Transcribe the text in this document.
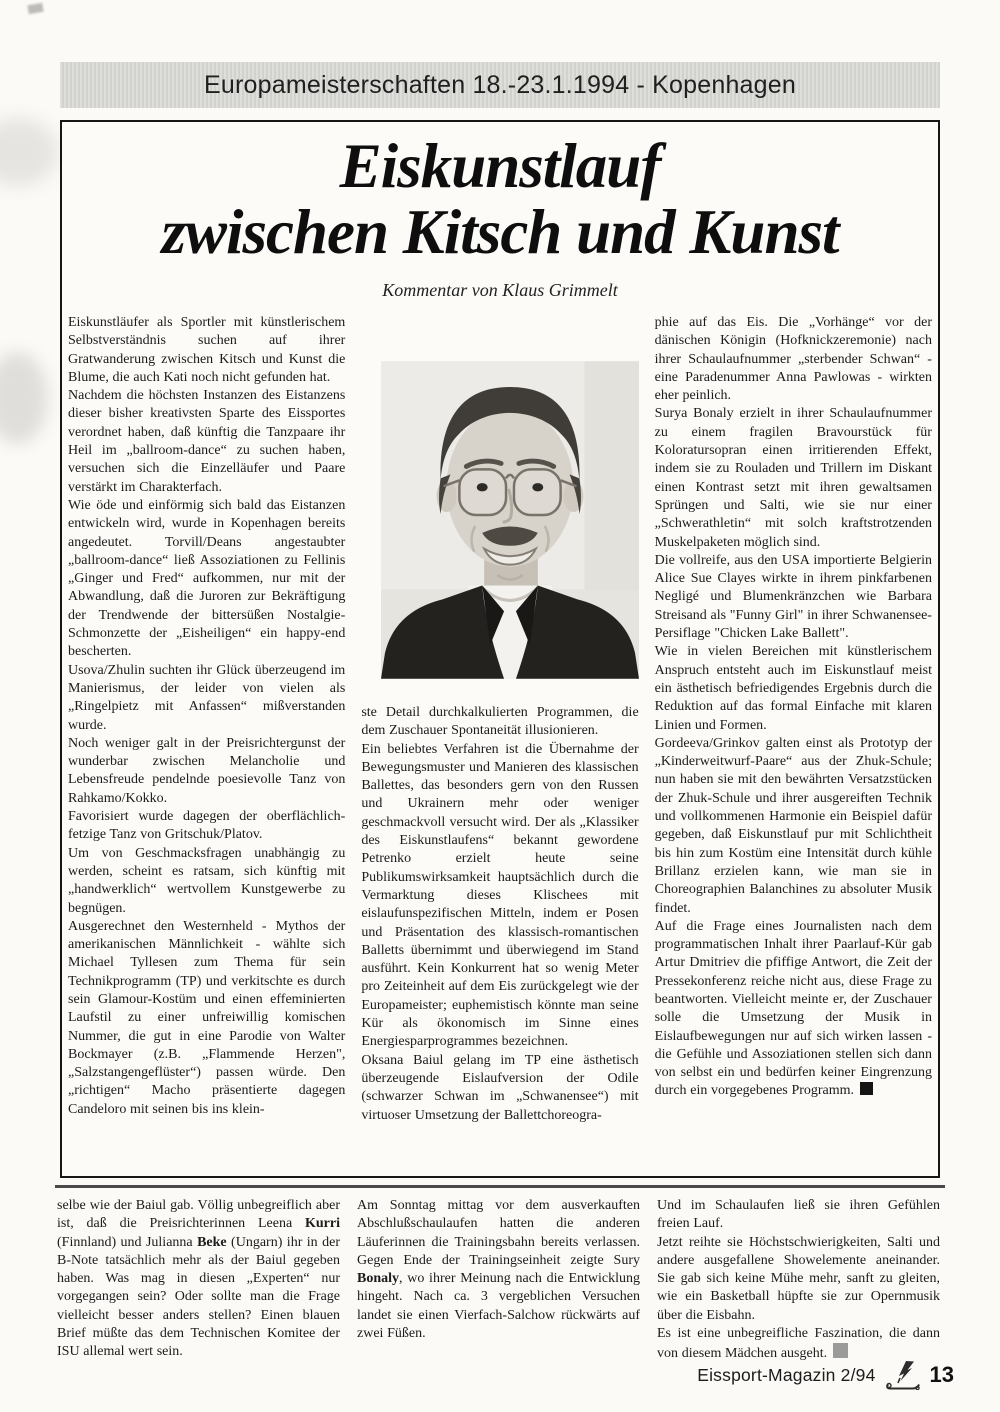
Europameisterschaften 18.-23.1.1994 - Kopenhagen
Eiskunstlauf
zwischen Kitsch und Kunst
Kommentar von Klaus Grimmelt

Eiskunstläufer als Sportler mit künstlerischem Selbstverständnis suchen auf ihrer Gratwanderung zwischen Kitsch und Kunst die Blume, die auch Kati noch nicht gefunden hat.

Nachdem die höchsten Instanzen des Eistanzens dieser bisher kreativsten Sparte des Eissportes verordnet haben, daß künftig die Tanzpaare ihr Heil im „ballroom-dance“ zu suchen haben, versuchen sich die Einzelläufer und Paare verstärkt im Charakterfach.

Wie öde und einförmig sich bald das Eistanzen entwickeln wird, wurde in Kopenhagen bereits angedeutet. Torvill/Deans angestaubter „ballroom-dance“ ließ Assoziationen zu Fellinis „Ginger und Fred“ aufkommen, nur mit der Abwandlung, daß die Juroren zur Bekräftigung der Trendwende der bittersüßen Nostalgie-Schmonzette der „Eisheiligen“ ein happy-end bescherten.

Usova/Zhulin suchten ihr Glück überzeugend im Manierismus, der leider von vielen als „Ringelpietz mit Anfassen“ mißverstanden wurde.

Noch weniger galt in der Preisrichtergunst der wunderbar zwischen Melancholie und Lebensfreude pendelnde poesievolle Tanz von Rahkamo/Kokko.

Favorisiert wurde dagegen der oberflächlich-fetzige Tanz von Gritschuk/Platov.

Um von Geschmacksfragen unabhängig zu werden, scheint es ratsam, sich künftig mit „handwerklich“ wertvollem Kunstgewerbe zu begnügen.

Ausgerechnet den Westernheld - Mythos der amerikanischen Männlichkeit - wählte sich Michael Tyllesen zum Thema für sein Technikprogramm (TP) und verkitschte es durch sein Glamour-Kostüm und einen effeminierten Laufstil zu einer unfreiwillig komischen Nummer, die gut in eine Parodie von Walter Bockmayer (z.B. „Flammende Herzen", „Salzstangengeflüster“) passen würde. Den „richtigen“ Macho präsentierte dagegen Candeloro mit seinen bis ins klein-

ste Detail durchkalkulierten Programmen, die dem Zuschauer Spontaneität illusionieren.

Ein beliebtes Verfahren ist die Übernahme der Bewegungsmuster und Manieren des klassischen Ballettes, das besonders gern von den Russen und Ukrainern mehr oder weniger geschmackvoll versucht wird. Der als „Klassiker des Eiskunstlaufens“ bekannt gewordene Petrenko erzielt heute seine Publikumswirksamkeit hauptsächlich durch die Vermarktung dieses Klischees mit eislaufunspezifischen Mitteln, indem er Posen und Präsentation des klassisch-romantischen Balletts übernimmt und überwiegend im Stand ausführt. Kein Konkurrent hat so wenig Meter pro Zeiteinheit auf dem Eis zurückgelegt wie der Europameister; euphemistisch könnte man seine Kür als ökonomisch im Sinne eines Energiesparprogrammes bezeichnen.

Oksana Baiul gelang im TP eine ästhetisch überzeugende Eislaufversion der Odile (schwarzer Schwan im „Schwanensee“) mit virtuoser Umsetzung der Ballettchoreogra-

phie auf das Eis. Die „Vorhänge“ vor der dänischen Königin (Hofknickzeremonie) nach ihrer Schaulaufnummer „sterbender Schwan“ - eine Paradenummer Anna Pawlowas - wirkten eher peinlich.

Surya Bonaly erzielt in ihrer Schaulaufnummer zu einem fragilen Bravourstück für Koloratursopran einen irritierenden Effekt, indem sie zu Rouladen und Trillern im Diskant einen Kontrast setzt mit ihren gewaltsamen Sprüngen und Salti, wie sie nur einer „Schwerathletin“ mit solch kraftstrotzenden Muskelpaketen möglich sind.

Die vollreife, aus den USA importierte Belgierin Alice Sue Clayes wirkte in ihrem pinkfarbenen Negligé und Blumenkränzchen wie Barbara Streisand als "Funny Girl" in ihrer Schwanensee-Persiflage "Chicken Lake Ballett".

Wie in vielen Bereichen mit künstlerischem Anspruch entsteht auch im Eiskunstlauf meist ein ästhetisch befriedigendes Ergebnis durch die Reduktion auf das formal Einfache mit klaren Linien und Formen.

Gordeeva/Grinkov galten einst als Prototyp der „Kinderweitwurf-Paare“ aus der Zhuk-Schule; nun haben sie mit den bewährten Versatzstücken der Zhuk-Schule und ihrer ausgereiften Technik und vollkommenen Harmonie ein Beispiel dafür gegeben, daß Eiskunstlauf pur mit Schlichtheit bis hin zum Kostüm eine Intensität durch kühle Brillanz erzielen kann, wie man sie in Choreographien Balanchines zu absoluter Musik findet.

Auf die Frage eines Journalisten nach dem programmatischen Inhalt ihrer Paarlauf-Kür gab Artur Dmitriev die pfiffige Antwort, die Zeit der Pressekonferenz reiche nicht aus, diese Frage zu beantworten. Vielleicht meinte er, der Zuschauer solle die Umsetzung der Musik in Eislaufbewegungen nur auf sich wirken lassen - die Gefühle und Assoziationen stellen sich dann von selbst ein und bedürfen keiner Eingrenzung durch ein vorgegebenes Programm.

selbe wie der Baiul gab. Völlig unbegreiflich aber ist, daß die Preisrichterinnen Leena Kurri (Finnland) und Julianna Beke (Ungarn) ihr in der B-Note tatsächlich mehr als der Baiul gegeben haben. Was mag in diesen „Experten“ nur vorgegangen sein? Oder sollte man die Frage vielleicht besser anders stellen? Einen blauen Brief müßte das dem Technischen Komitee der ISU allemal wert sein.

Am Sonntag mittag vor dem ausverkauften Abschlußschaulaufen hatten die anderen Läuferinnen die Trainingsbahn bereits verlassen. Gegen Ende der Trainingseinheit zeigte Sury Bonaly, wo ihrer Meinung nach die Entwicklung hingeht. Nach ca. 3 vergeblichen Versuchen landet sie einen Vierfach-Salchow rückwärts auf zwei Füßen.

Und im Schaulaufen ließ sie ihren Gefühlen freien Lauf.

Jetzt reihte sie Höchstschwierigkeiten, Salti und andere ausgefallene Showelemente aneinander. Sie gab sich keine Mühe mehr, sanft zu gleiten, wie ein Basketball hüpfte sie zur Opernmusik über die Eisbahn.

Es ist eine unbegreifliche Faszination, die dann von diesem Mädchen ausgeht.

Eissport-Magazin 2/94 13
